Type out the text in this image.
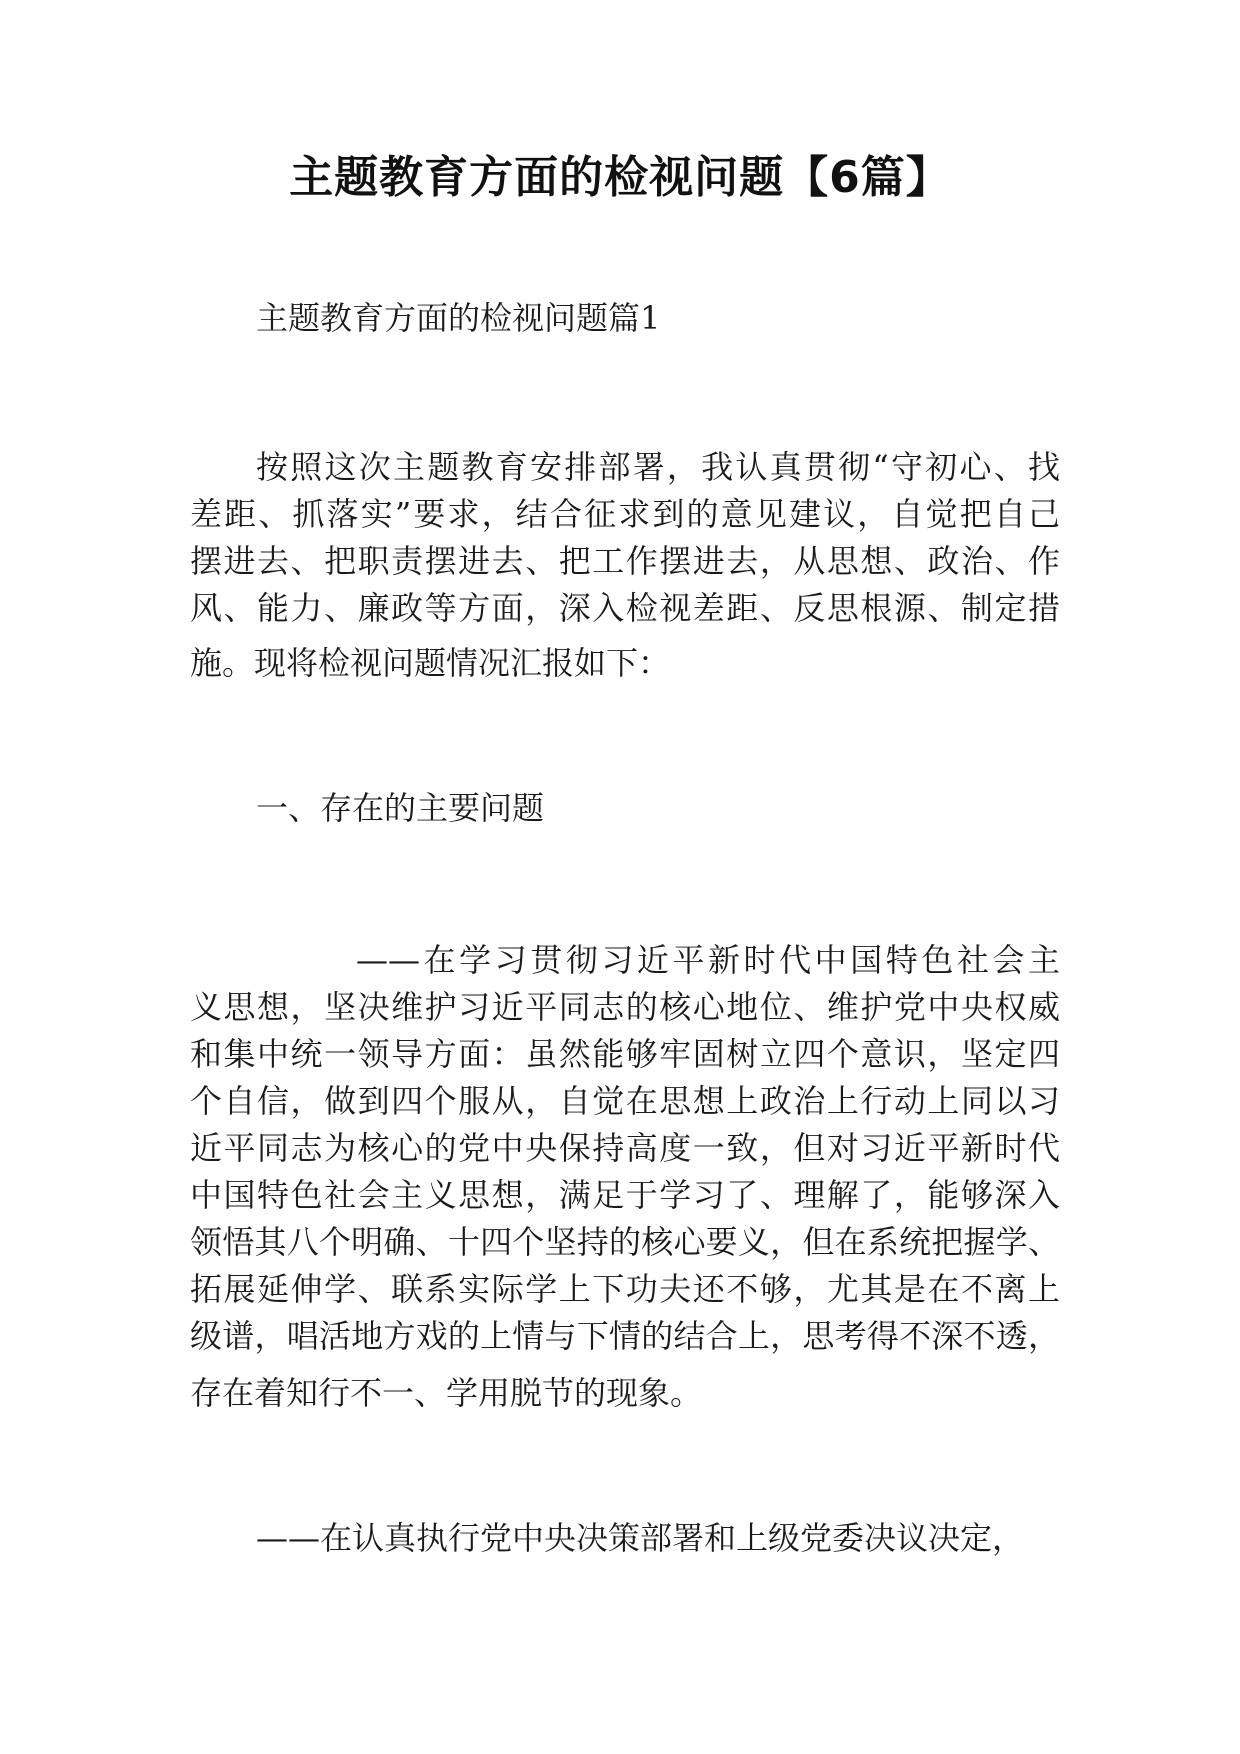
主题教育方面的检视问题【6篇】
主题教育方面的检视问题篇1
按照这次主题教育安排部署，我认真贯彻“守初心、找
差距、抓落实”要求，结合征求到的意见建议，自觉把自己
摆进去、把职责摆进去、把工作摆进去，从思想、政治、作
风、能力、廉政等方面，深入检视差距、反思根源、制定措
施。现将检视问题情况汇报如下：
一、存在的主要问题
——在学习贯彻习近平新时代中国特色社会主
义思想，坚决维护习近平同志的核心地位、维护党中央权威
和集中统一领导方面：虽然能够牢固树立四个意识，坚定四
个自信，做到四个服从，自觉在思想上政治上行动上同以习
近平同志为核心的党中央保持高度一致，但对习近平新时代
中国特色社会主义思想，满足于学习了、理解了，能够深入
领悟其八个明确、十四个坚持的核心要义，但在系统把握学、
拓展延伸学、联系实际学上下功夫还不够，尤其是在不离上
级谱，唱活地方戏的上情与下情的结合上，思考得不深不透，
存在着知行不一、学用脱节的现象。
——在认真执行党中央决策部署和上级党委决议决定，
